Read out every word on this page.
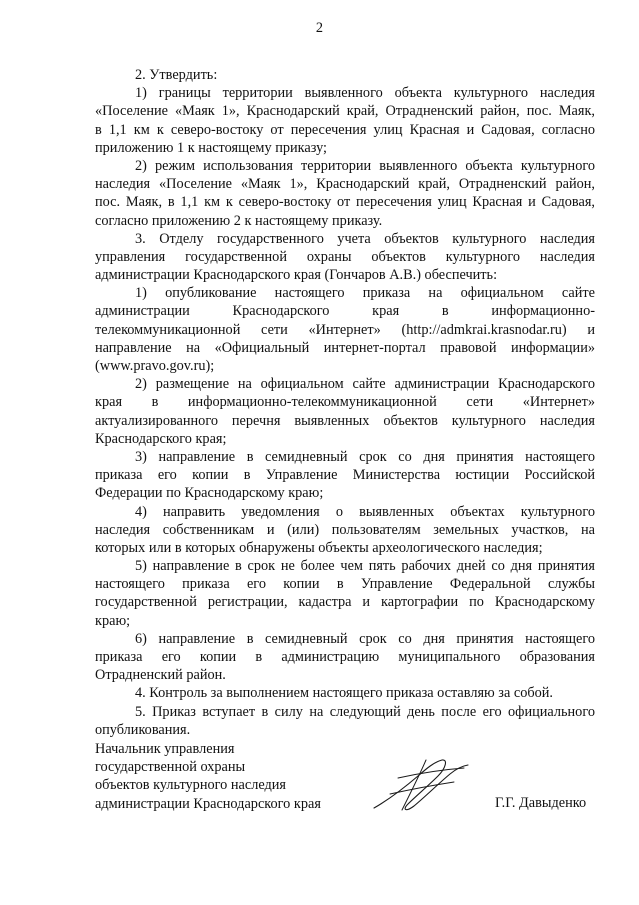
2
2. Утвердить:
1) границы территории выявленного объекта культурного наследия
«Поселение «Маяк 1», Краснодарский край, Отрадненский район, пос. Маяк,
в 1,1 км к северо-востоку от пересечения улиц Красная и Садовая, согласно
приложению 1 к настоящему приказу;
2) режим использования территории выявленного объекта культурного
наследия «Поселение «Маяк 1», Краснодарский край, Отрадненский район,
пос. Маяк, в 1,1 км к северо-востоку от пересечения улиц Красная и Садовая,
согласно приложению 2 к настоящему приказу.
3. Отделу государственного учета объектов культурного наследия
управления государственной охраны объектов культурного наследия
администрации Краснодарского края (Гончаров А.В.) обеспечить:
1) опубликование настоящего приказа на официальном сайте
администрации Краснодарского края в информационно-
телекоммуникационной сети «Интернет» (http://admkrai.krasnodar.ru) и
направление на «Официальный интернет-портал правовой информации»
(www.pravo.gov.ru);
2) размещение на официальном сайте администрации Краснодарского
края в информационно-телекоммуникационной сети «Интернет»
актуализированного перечня выявленных объектов культурного наследия
Краснодарского края;
3) направление в семидневный срок со дня принятия настоящего
приказа его копии в Управление Министерства юстиции Российской
Федерации по Краснодарскому краю;
4) направить уведомления о выявленных объектах культурного
наследия собственникам и (или) пользователям земельных участков, на
которых или в которых обнаружены объекты археологического наследия;
5) направление в срок не более чем пять рабочих дней со дня принятия
настоящего приказа его копии в Управление Федеральной службы
государственной регистрации, кадастра и картографии по Краснодарскому
краю;
6) направление в семидневный срок со дня принятия настоящего
приказа его копии в администрацию муниципального образования
Отрадненский район.
4. Контроль за выполнением настоящего приказа оставляю за собой.
5. Приказ вступает в силу на следующий день после его официального
опубликования.
Начальник управления
государственной охраны
объектов культурного наследия
администрации Краснодарского края	Г.Г. Давыденко
